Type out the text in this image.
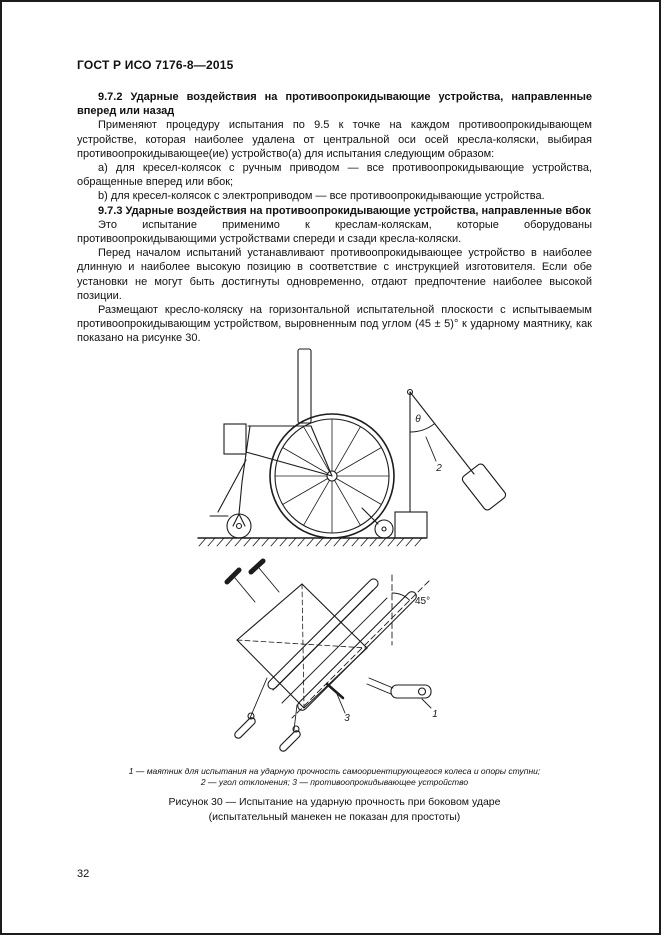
ГОСТ Р ИСО 7176-8—2015

9.7.2 Ударные воздействия на противоопрокидывающие устройства, направленные вперед или назад

Применяют процедуру испытания по 9.5 к точке на каждом противоопрокидывающем устройстве, которая наиболее удалена от центральной оси осей кресла-коляски, выбирая противоопрокидывающее(ие) устройство(а) для испытания следующим образом:

а) для кресел-колясок с ручным приводом — все противоопрокидывающие устройства, обращенные вперед или вбок;

b) для кресел-колясок с электроприводом — все противоопрокидывающие устройства.

9.7.3 Ударные воздействия на противоопрокидывающие устройства, направленные вбок

Это испытание применимо к креслам-коляскам, которые оборудованы противоопрокидывающими устройствами спереди и сзади кресла-коляски.

Перед началом испытаний устанавливают противоопрокидывающее устройство в наиболее длинную и наиболее высокую позицию в соответствие с инструкцией изготовителя. Если обе установки не могут быть достигнуты одновременно, отдают предпочтение наиболее высокой позиции.

Размещают кресло-коляску на горизонтальной испытательной плоскости с испытываемым противоопрокидывающим устройством, выровненным под углом (45 ± 5)° к ударному маятнику, как показано на рисунке 30.

θ
2
45°
1
3
1 — маятник для испытания на ударную прочность самоориентирующегося колеса и опоры ступни;
2 — угол отклонения; 3 — противоопрокидывающее устройство
Рисунок 30 — Испытание на ударную прочность при боковом ударе
(испытательный манекен не показан для простоты)
32
